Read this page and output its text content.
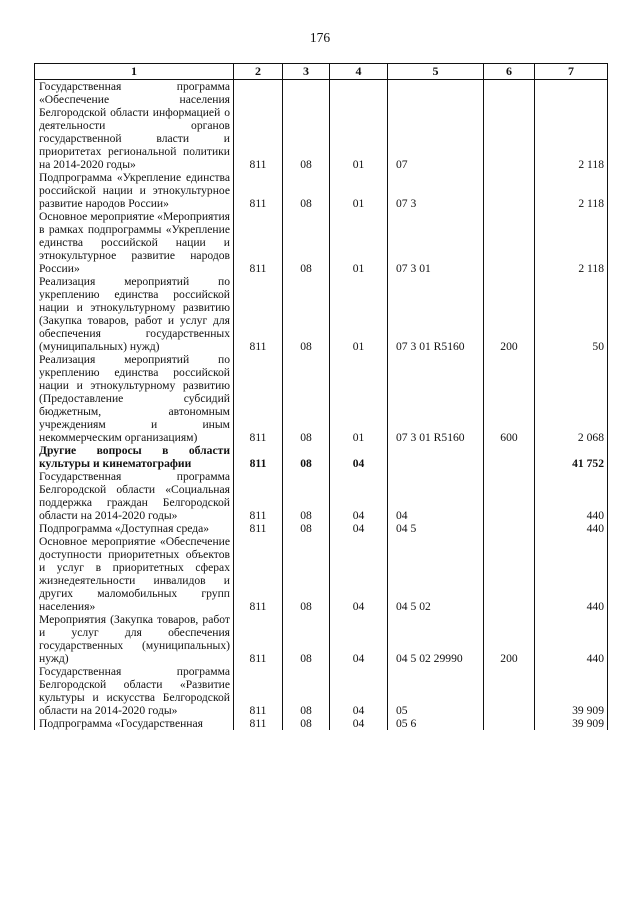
176
1	2	3	4	5	6	7
Государственная программа «Обеспечение населения Белгородской области информацией о деятельности органов государственной власти и приоритетах региональной политики на 2014-2020 годы»	811	08	01	07		2 118
Подпрограмма «Укрепление единства российской нации и этнокультурное развитие народов России»	811	08	01	07 3		2 118
Основное мероприятие «Мероприятия в рамках подпрограммы «Укрепление единства российской нации и этнокультурное развитие народов России»	811	08	01	07 3 01		2 118
Реализация мероприятий по укреплению единства российской нации и этнокультурному развитию (Закупка товаров, работ и услуг для обеспечения государственных (муниципальных) нужд)	811	08	01	07 3 01 R5160	200	50
Реализация мероприятий по укреплению единства российской нации и этнокультурному развитию (Предоставление субсидий бюджетным, автономным учреждениям и иным некоммерческим организациям)	811	08	01	07 3 01 R5160	600	2 068
Другие вопросы в области культуры и кинематографии	811	08	04			41 752
Государственная программа Белгородской области «Социальная поддержка граждан Белгородской области на 2014-2020 годы»	811	08	04	04		440
Подпрограмма «Доступная среда»	811	08	04	04 5		440
Основное мероприятие «Обеспечение доступности приоритетных объектов и услуг в приоритетных сферах жизнедеятельности инвалидов и других маломобильных групп населения»	811	08	04	04 5 02		440
Мероприятия (Закупка товаров, работ и услуг для обеспечения государственных (муниципальных) нужд)	811	08	04	04 5 02 29990	200	440
Государственная программа Белгородской области «Развитие культуры и искусства Белгородской области на 2014-2020 годы»	811	08	04	05		39 909
Подпрограмма «Государственная	811	08	04	05 6		39 909
